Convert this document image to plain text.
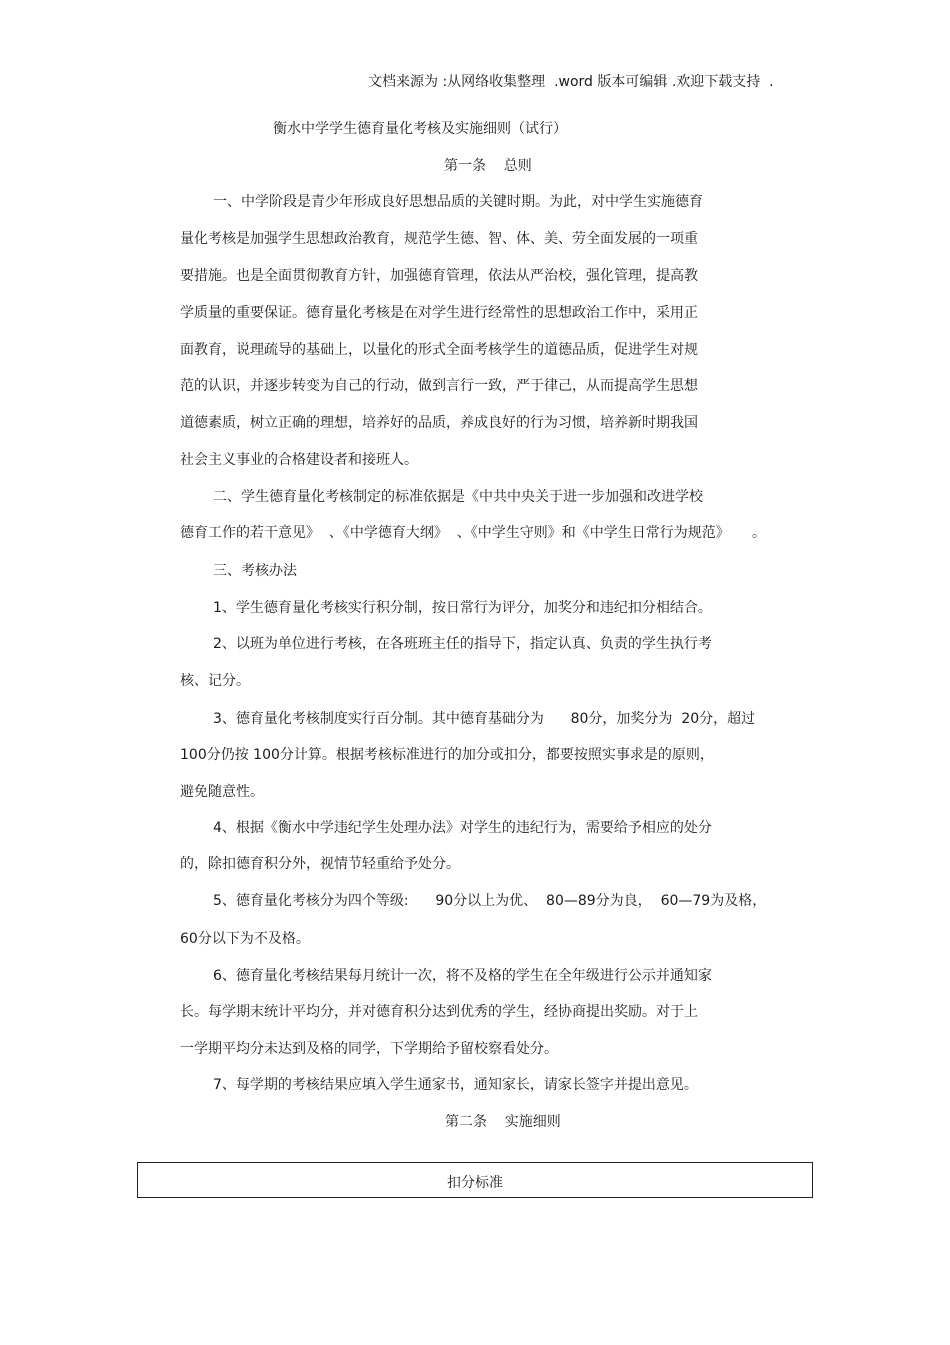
文档来源为 :从网络收集整理  .word 版本可编辑 .欢迎下载支持  .
衡水中学学生德育量化考核及实施细则（试行）
第一条    总则
一、中学阶段是青少年形成良好思想品质的关键时期。为此，对中学生实施德育
量化考核是加强学生思想政治教育，规范学生德、智、体、美、劳全面发展的一项重
要措施。也是全面贯彻教育方针，加强德育管理，依法从严治校，强化管理，提高教
学质量的重要保证。德育量化考核是在对学生进行经常性的思想政治工作中，采用正
面教育，说理疏导的基础上，以量化的形式全面考核学生的道德品质，促进学生对规
范的认识，并逐步转变为自己的行动，做到言行一致，严于律己，从而提高学生思想
道德素质，树立正确的理想，培养好的品质，养成良好的行为习惯，培养新时期我国
社会主义事业的合格建设者和接班人。
二、学生德育量化考核制定的标准依据是《中共中央关于进一步加强和改进学校
德育工作的若干意见》  、《中学德育大纲》  、《中学生守则》和《中学生日常行为规范》     。
三、考核办法
1、学生德育量化考核实行积分制，按日常行为评分，加奖分和违纪扣分相结合。
2、以班为单位进行考核，在各班班主任的指导下，指定认真、负责的学生执行考
核、记分。
3、德育量化考核制度实行百分制。其中德育基础分为      80分，加奖分为  20分，超过
100分仍按 100分计算。根据考核标准进行的加分或扣分，都要按照实事求是的原则，
避免随意性。
4、根据《衡水中学违纪学生处理办法》对学生的违纪行为，需要给予相应的处分
的，除扣德育积分外，视情节轻重给予处分。
5、德育量化考核分为四个等级:      90分以上为优、  80—89分为良，  60—79为及格，
60分以下为不及格。
6、德育量化考核结果每月统计一次，将不及格的学生在全年级进行公示并通知家
长。每学期末统计平均分，并对德育积分达到优秀的学生，经协商提出奖励。对于上
一学期平均分未达到及格的同学，下学期给予留校察看处分。
7、每学期的考核结果应填入学生通家书，通知家长，请家长签字并提出意见。
第二条    实施细则
扣分标准
